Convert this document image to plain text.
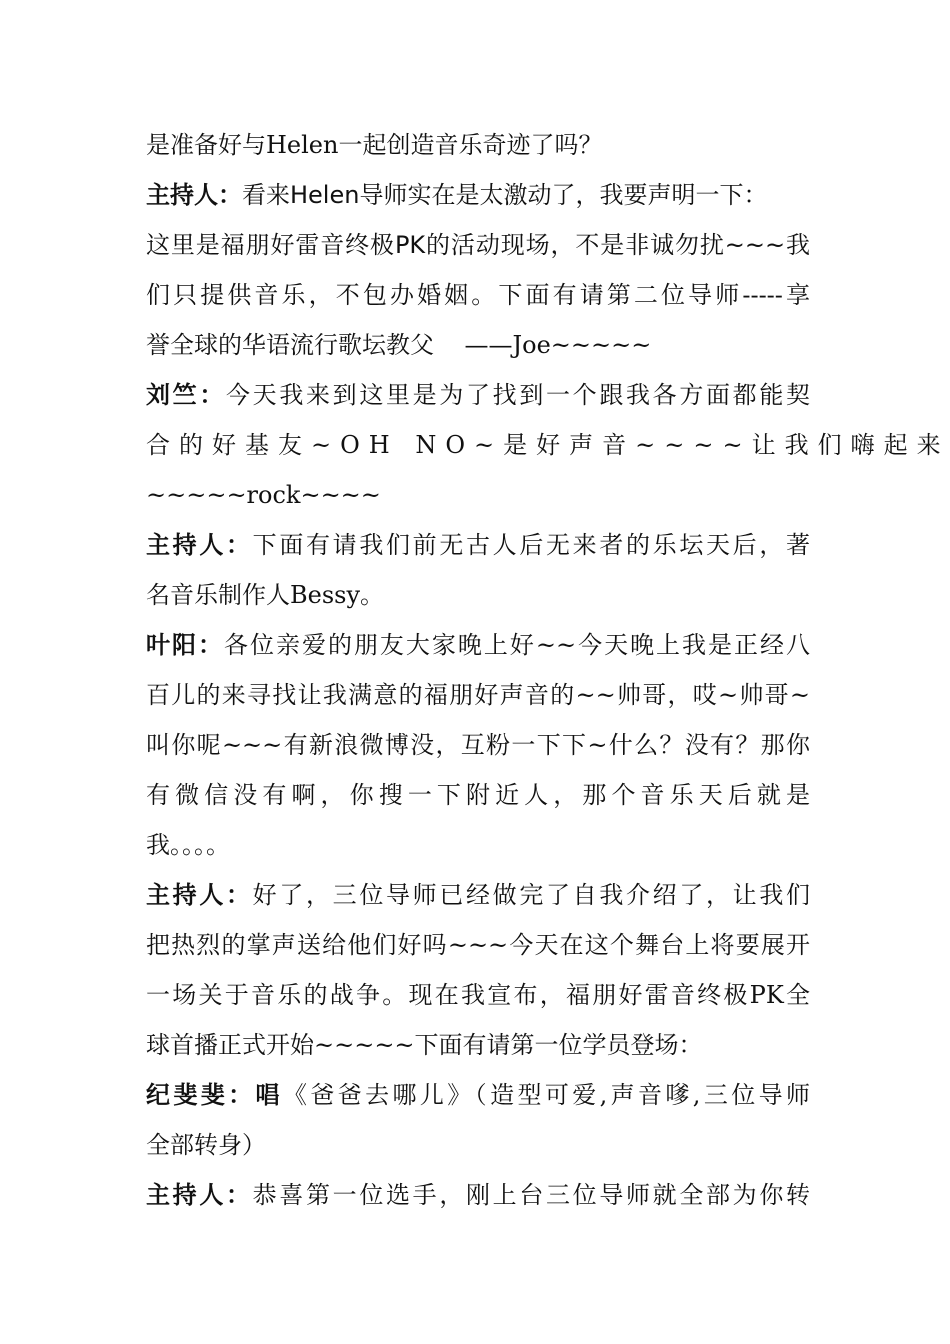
是准备好与Helen一起创造音乐奇迹了吗？
主持人：看来Helen导师实在是太激动了，我要声明一下：
这里是福朋好雷音终极PK的活动现场，不是非诚勿扰~~~我
们只提供音乐，不包办婚姻。下面有请第二位导师-----享
誉全球的华语流行歌坛教父    ——Joe~~~~~
刘竺：今天我来到这里是为了找到一个跟我各方面都能契
合的好基友~OH NO~是好声音~~~~让我们嗨起来
~~~~~rock~~~~
主持人：下面有请我们前无古人后无来者的乐坛天后，著
名音乐制作人Bessy。
叶阳：各位亲爱的朋友大家晚上好~~今天晚上我是正经八
百儿的来寻找让我满意的福朋好声音的~~帅哥，哎~帅哥~
叫你呢~~~有新浪微博没，互粉一下下~什么？没有？那你
有微信没有啊，你搜一下附近人，那个音乐天后就是
我。。。。
主持人：好了，三位导师已经做完了自我介绍了，让我们
把热烈的掌声送给他们好吗~~~今天在这个舞台上将要展开
一场关于音乐的战争。现在我宣布，福朋好雷音终极PK全
球首播正式开始~~~~~下面有请第一位学员登场：
纪斐斐：唱《爸爸去哪儿》（造型可爱,声音嗲,三位导师
全部转身）
主持人：恭喜第一位选手，刚上台三位导师就全部为你转
